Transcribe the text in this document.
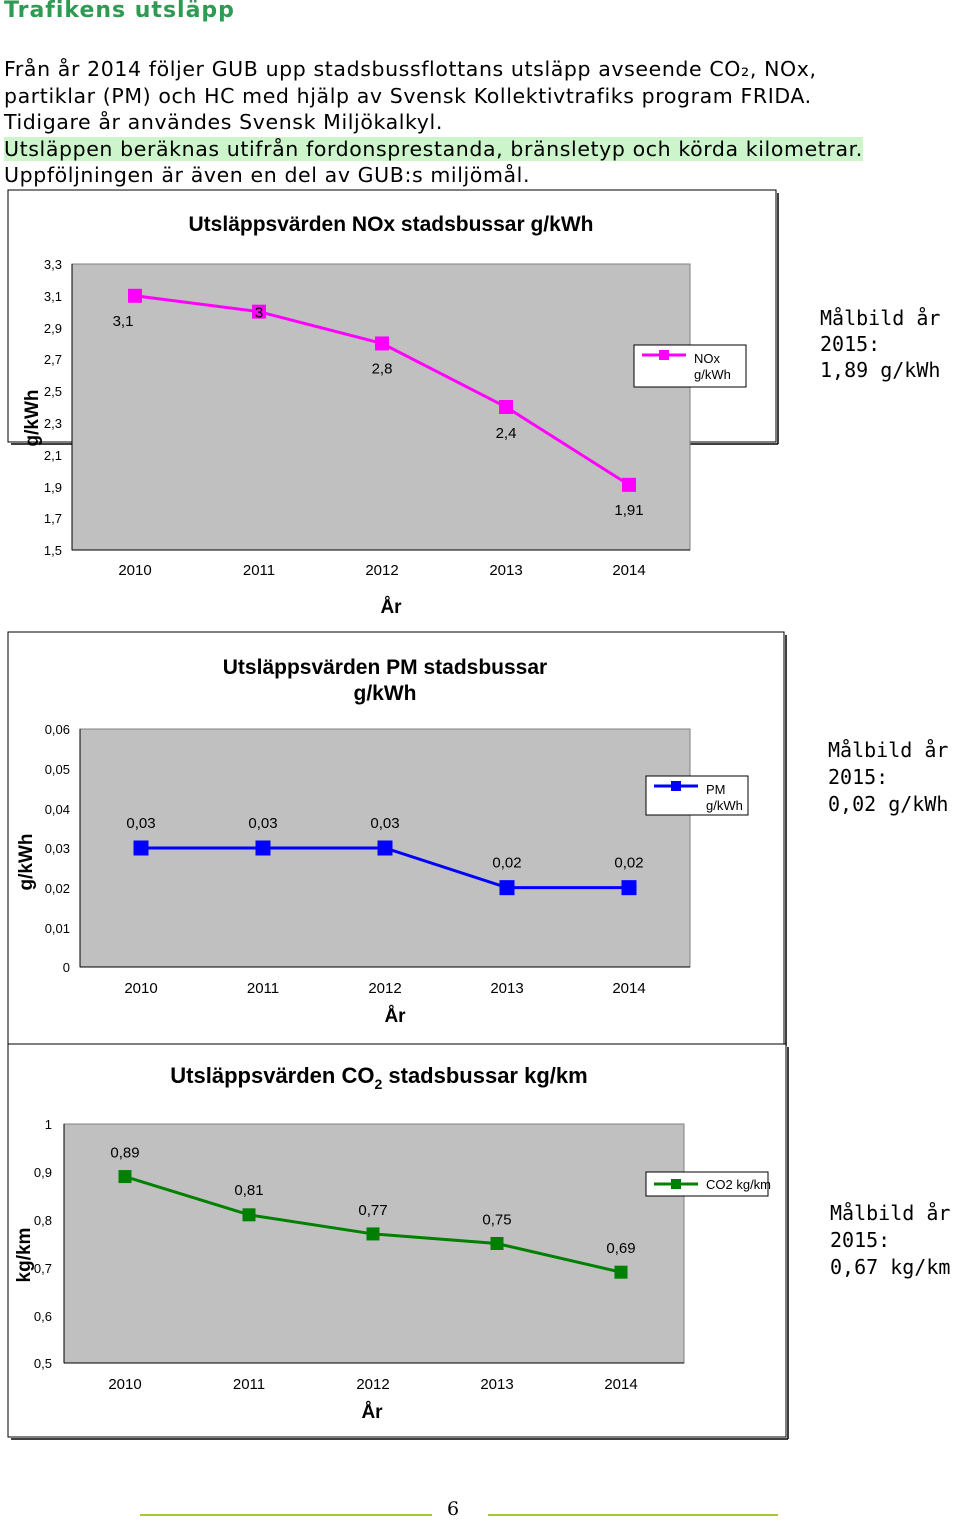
Trafikens utsläpp
Från år 2014 följer GUB upp stadsbussflottans utsläpp avseende CO₂, NOx,
partiklar (PM) och HC med hjälp av Svensk Kollektivtrafiks program FRIDA.
Tidigare år användes Svensk Miljökalkyl.
Utsläppen beräknas utifrån fordonsprestanda, bränsletyp och körda kilometrar.
Uppföljningen är även en del av GUB:s miljömål.
Utsläppsvärden NOx stadsbussar g/kWh
3,3
3,1
2,9
2,7
2,5
2,3
2,1
1,9
1,7
1,5
g/kWh
2010	2011	2012	2013	2014
År
3,1	3
2,8
2,4
1,91
NOx
g/kWh
Målbild år
2015:
1,89 g/kWh
Utsläppsvärden PM stadsbussar
g/kWh
0,06
0,05
0,04
0,03
0,02
0,01
0
g/kWh
2010	2011	2012	2013	2014
År
0,03	0,03	0,03
0,02	0,02
PM
g/kWh
Målbild år
2015:
0,02 g/kWh
Utsläppsvärden $CO_2$ stadsbussar kg/km
1
0,9
0,8
0,7
0,6
0,5
kg/km
2010	2011	2012	2013	2014
År
0,89
0,81
0,77
0,75
0,69
CO2 kg/km
Målbild år
2015:
0,67 kg/km
6
